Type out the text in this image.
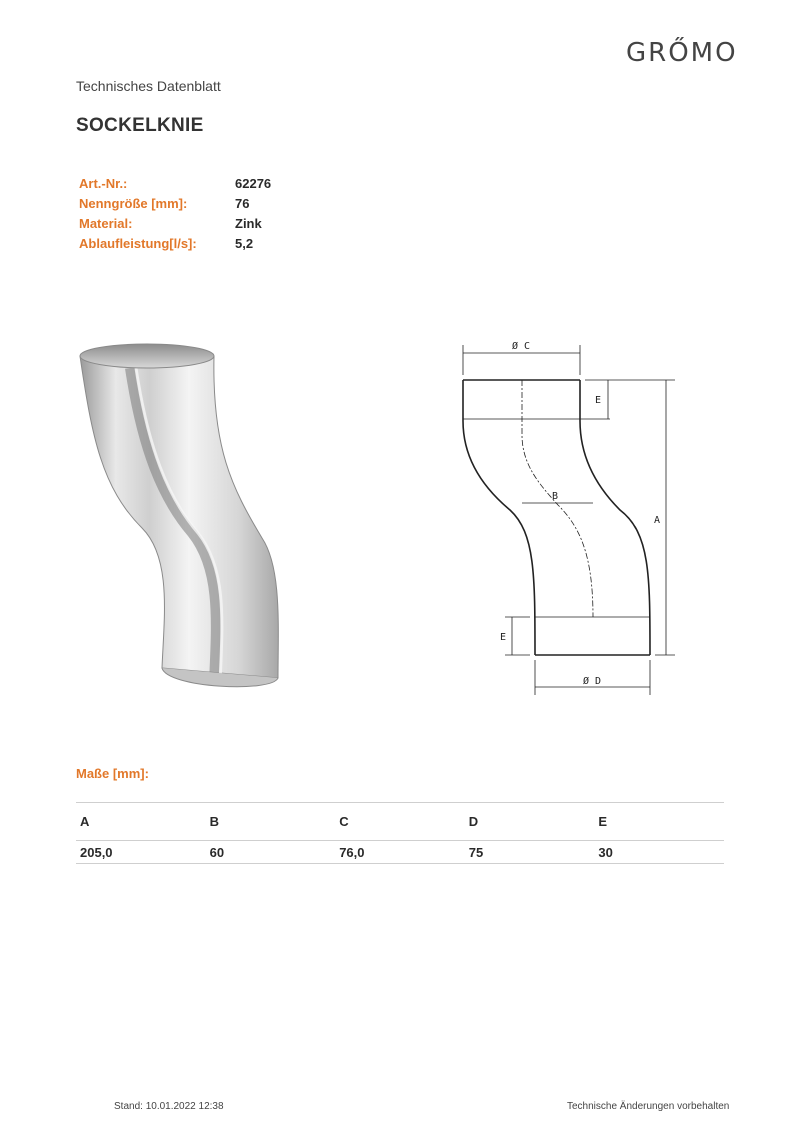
GRŐMO
Technisches Datenblatt
SOCKELKNIE
Art.-Nr.:	62276
Nenngröße [mm]:	76
Material:	Zink
Ablaufleistung[l/s]:	5,2
Ø C
Ø D
A
B
E
E
Maße [mm]:
A	B	C	D	E
205,0	60	76,0	75	30
Stand: 10.01.2022 12:38	Technische Änderungen vorbehalten
